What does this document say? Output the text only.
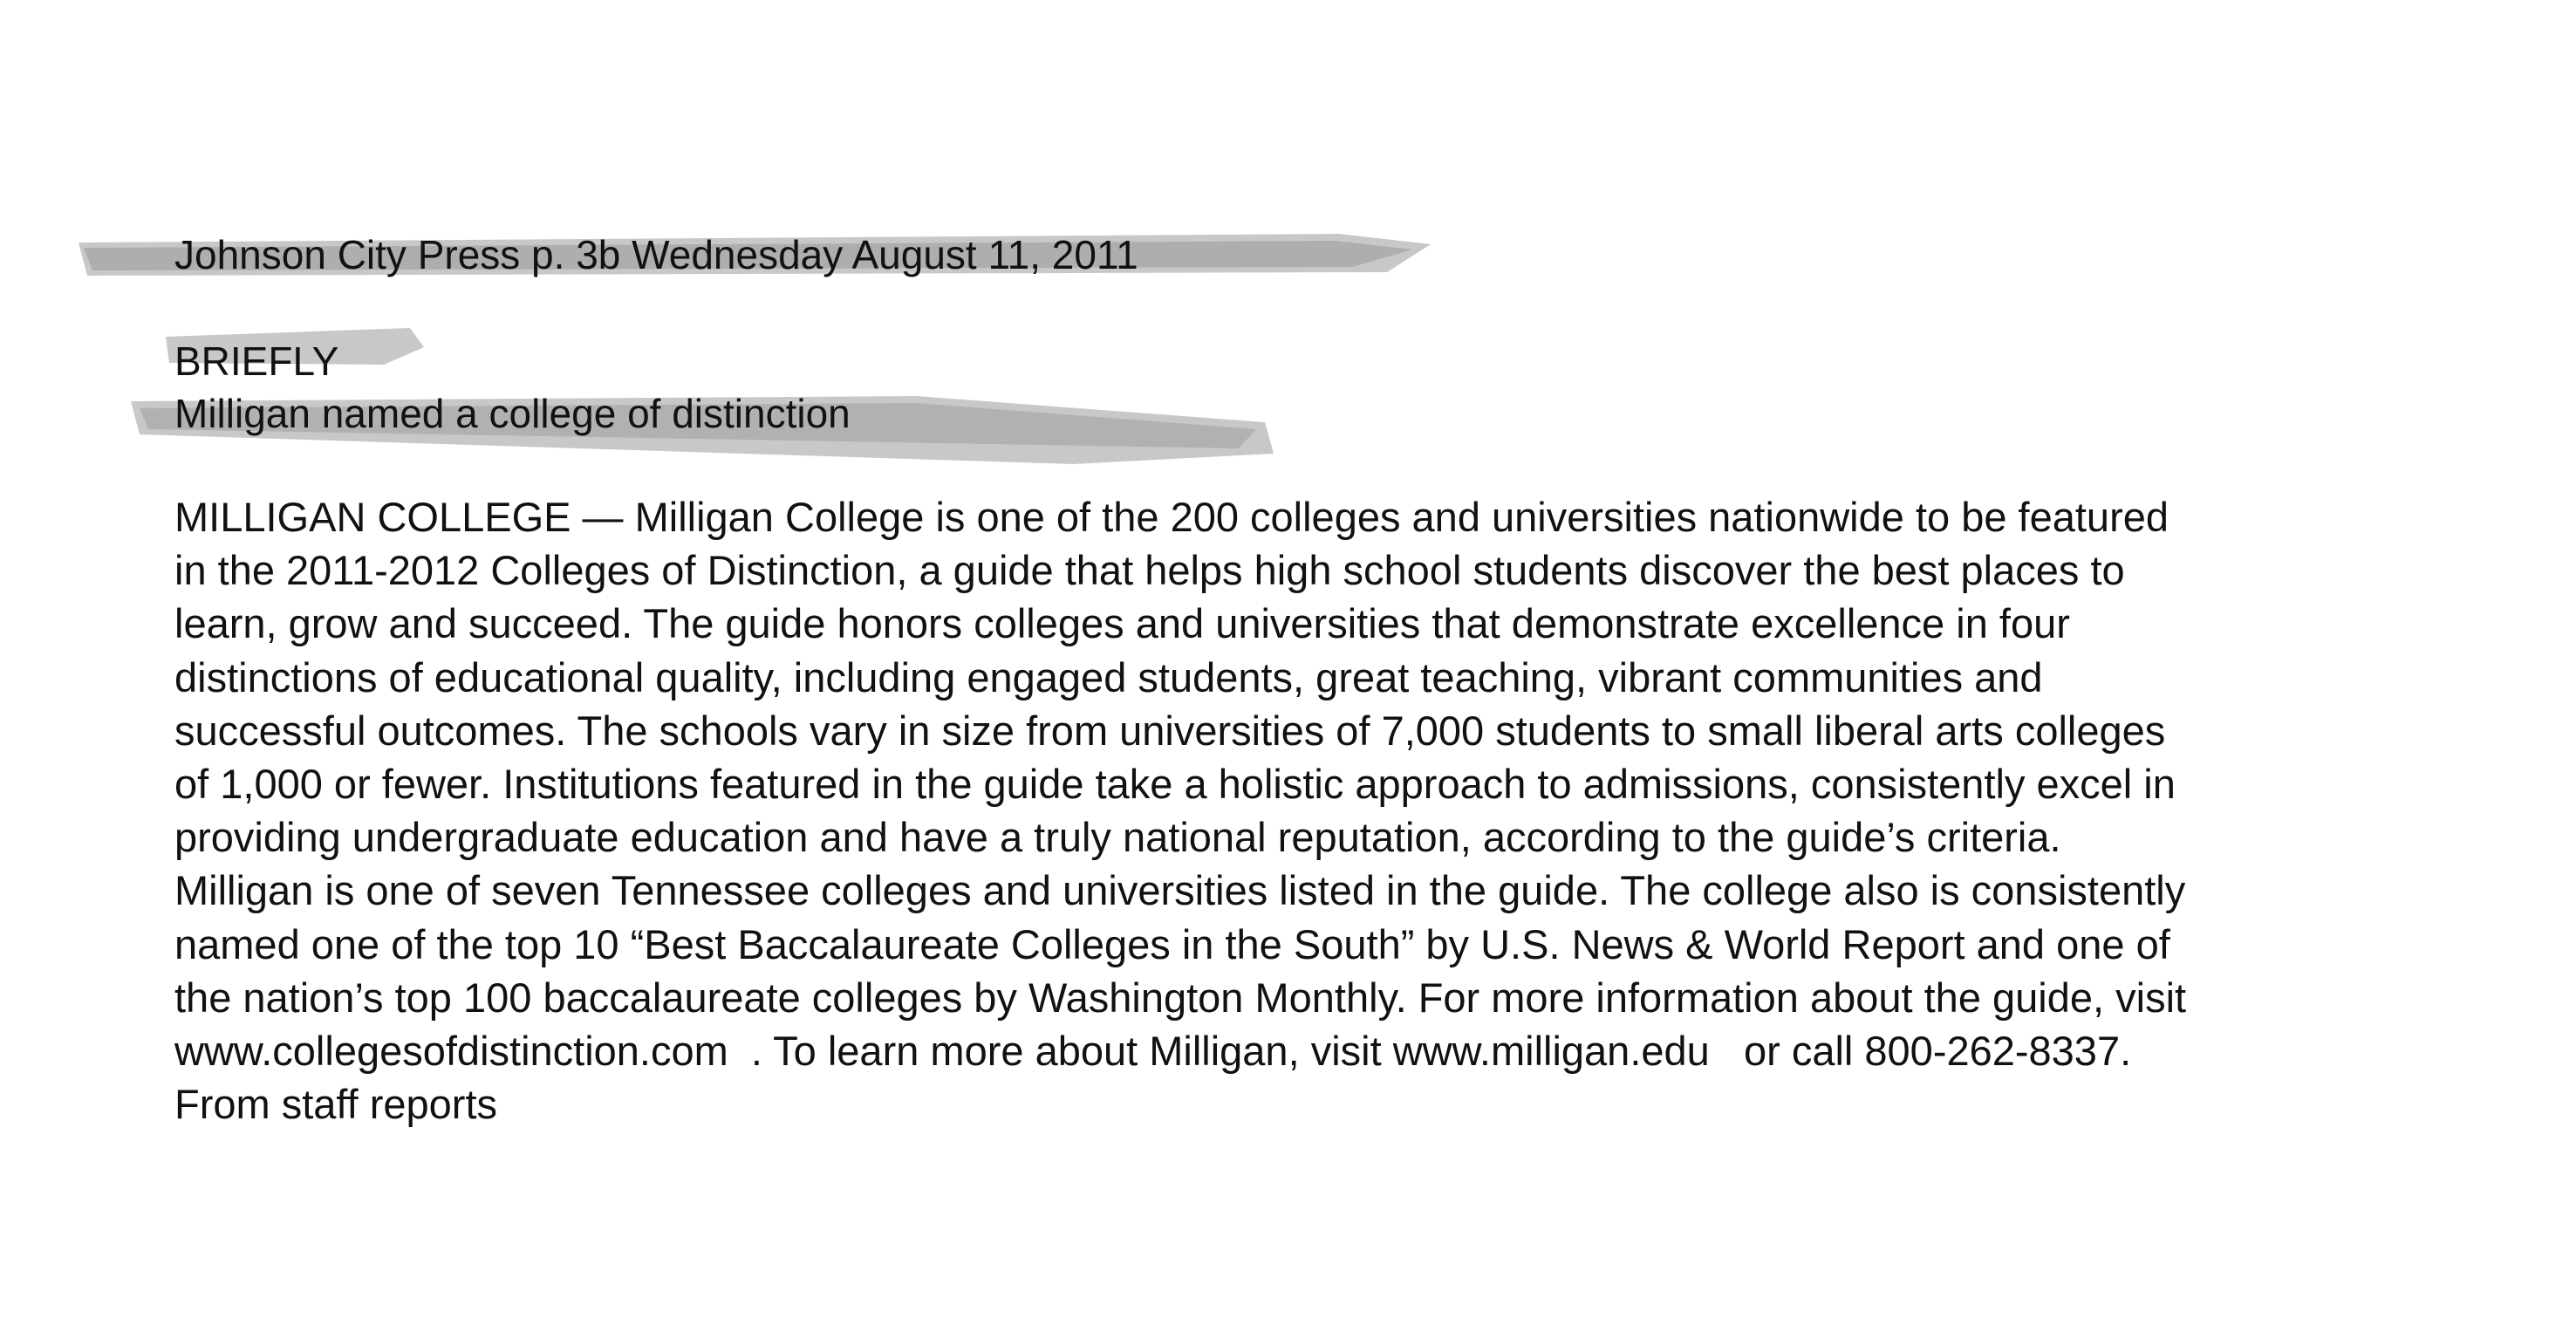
Johnson City Press p. 3b Wednesday August 11, 2011

BRIEFLY

Milligan named a college of distinction

MILLIGAN COLLEGE — Milligan College is one of the 200 colleges and universities nationwide to be featured
in the 2011-2012 Colleges of Distinction, a guide that helps high school students discover the best places to
learn, grow and succeed. The guide honors colleges and universities that demonstrate excellence in four
distinctions of educational quality, including engaged students, great teaching, vibrant communities and
successful outcomes. The schools vary in size from universities of 7,000 students to small liberal arts colleges
of 1,000 or fewer. Institutions featured in the guide take a holistic approach to admissions, consistently excel in
providing undergraduate education and have a truly national reputation, according to the guide’s criteria.
Milligan is one of seven Tennessee colleges and universities listed in the guide. The college also is consistently
named one of the top 10 “Best Baccalaureate Colleges in the South” by U.S. News & World Report and one of
the nation’s top 100 baccalaureate colleges by Washington Monthly. For more information about the guide, visit
www.collegesofdistinction.com  . To learn more about Milligan, visit www.milligan.edu   or call 800-262-8337.
From staff reports
